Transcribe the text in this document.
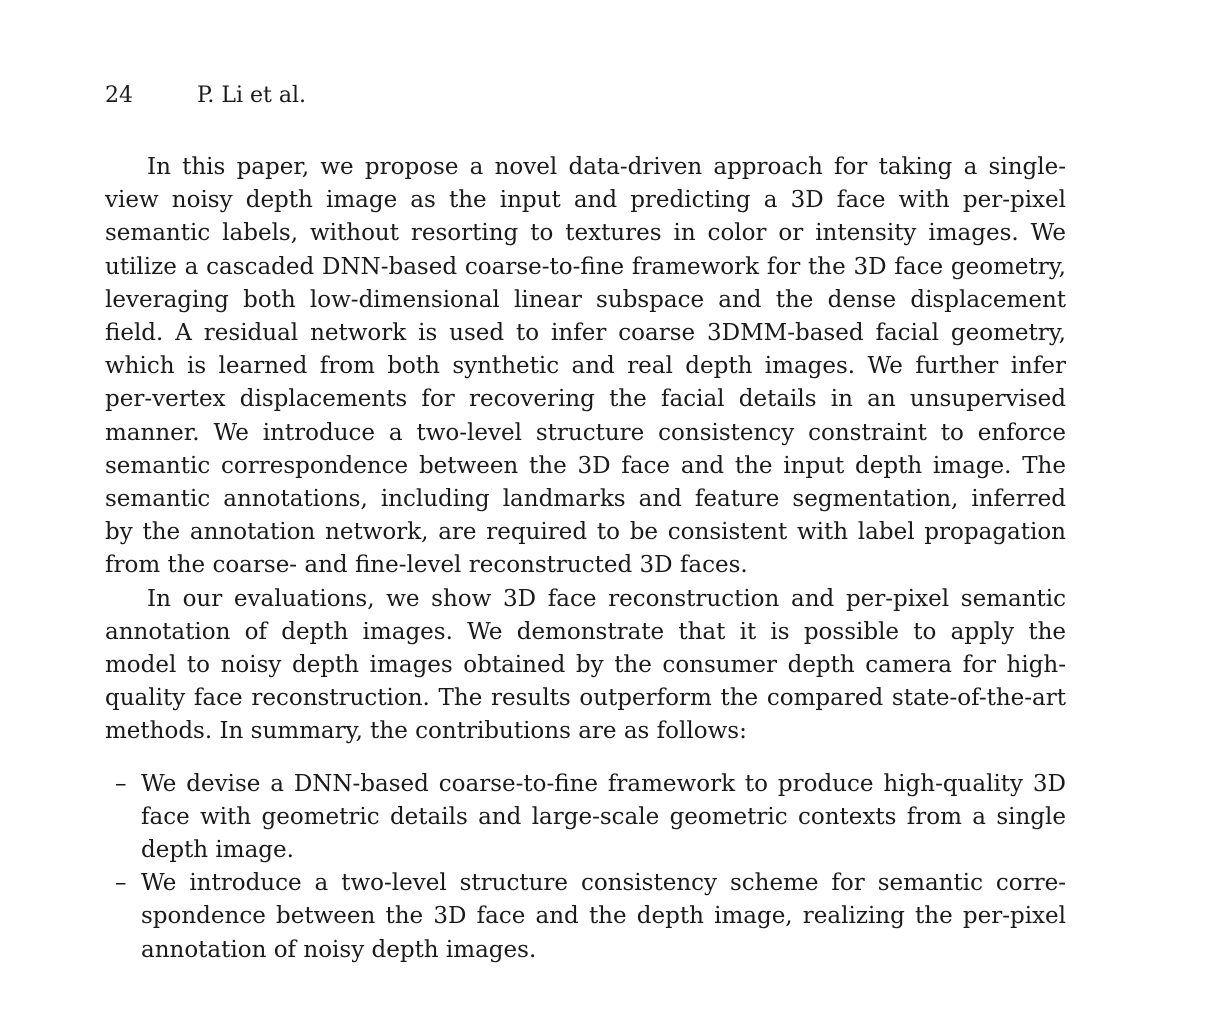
24	P. Li et al.
In this paper, we propose a novel data-driven approach for taking a single-
view noisy depth image as the input and predicting a 3D face with per-pixel
semantic labels, without resorting to textures in color or intensity images. We
utilize a cascaded DNN-based coarse-to-fine framework for the 3D face geometry,
leveraging both low-dimensional linear subspace and the dense displacement
field. A residual network is used to infer coarse 3DMM-based facial geometry,
which is learned from both synthetic and real depth images. We further infer
per-vertex displacements for recovering the facial details in an unsupervised
manner. We introduce a two-level structure consistency constraint to enforce
semantic correspondence between the 3D face and the input depth image. The
semantic annotations, including landmarks and feature segmentation, inferred
by the annotation network, are required to be consistent with label propagation
from the coarse- and fine-level reconstructed 3D faces.
In our evaluations, we show 3D face reconstruction and per-pixel semantic
annotation of depth images. We demonstrate that it is possible to apply the
model to noisy depth images obtained by the consumer depth camera for high-
quality face reconstruction. The results outperform the compared state-of-the-art
methods. In summary, the contributions are as follows:
– We devise a DNN-based coarse-to-fine framework to produce high-quality 3D
face with geometric details and large-scale geometric contexts from a single
depth image.
– We introduce a two-level structure consistency scheme for semantic corre-
spondence between the 3D face and the depth image, realizing the per-pixel
annotation of noisy depth images.
